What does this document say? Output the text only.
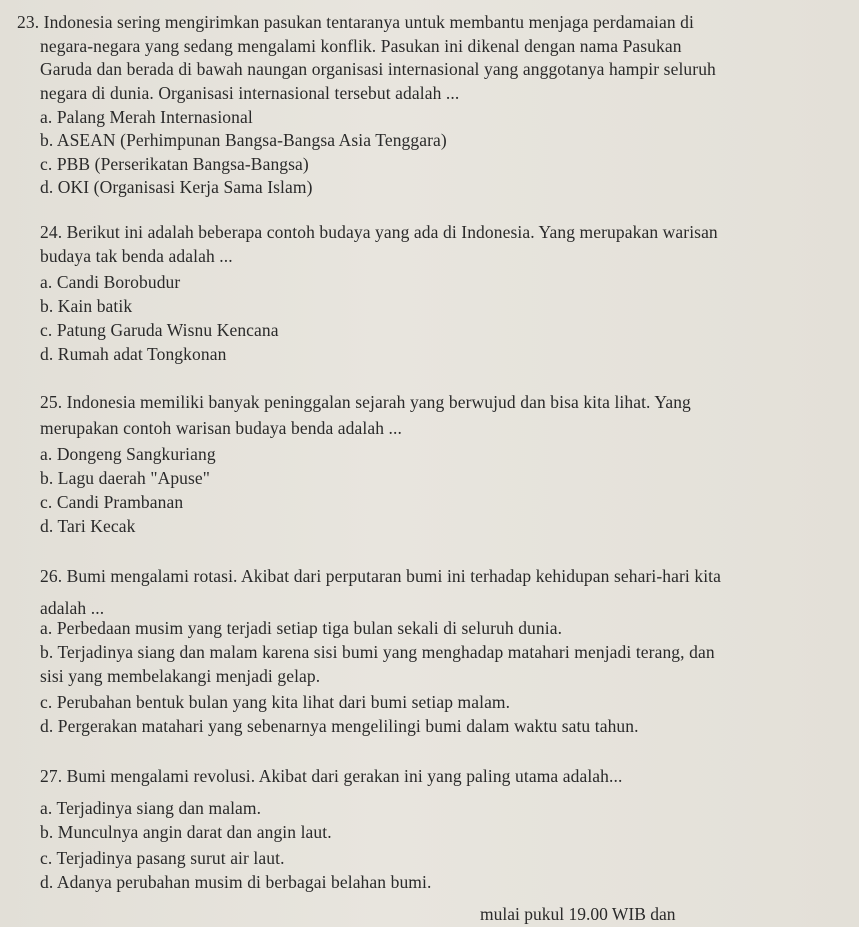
23. Indonesia sering mengirimkan pasukan tentaranya untuk membantu menjaga perdamaian di
negara-negara yang sedang mengalami konflik. Pasukan ini dikenal dengan nama Pasukan
Garuda dan berada di bawah naungan organisasi internasional yang anggotanya hampir seluruh
negara di dunia. Organisasi internasional tersebut adalah ...
a. Palang Merah Internasional
b. ASEAN (Perhimpunan Bangsa-Bangsa Asia Tenggara)
c. PBB (Perserikatan Bangsa-Bangsa)
d. OKI (Organisasi Kerja Sama Islam)
24. Berikut ini adalah beberapa contoh budaya yang ada di Indonesia. Yang merupakan warisan
budaya tak benda adalah ...
a. Candi Borobudur
b. Kain batik
c. Patung Garuda Wisnu Kencana
d. Rumah adat Tongkonan
25. Indonesia memiliki banyak peninggalan sejarah yang berwujud dan bisa kita lihat. Yang
merupakan contoh warisan budaya benda adalah ...
a. Dongeng Sangkuriang
b. Lagu daerah "Apuse"
c. Candi Prambanan
d. Tari Kecak
26. Bumi mengalami rotasi. Akibat dari perputaran bumi ini terhadap kehidupan sehari-hari kita
adalah ...
a. Perbedaan musim yang terjadi setiap tiga bulan sekali di seluruh dunia.
b. Terjadinya siang dan malam karena sisi bumi yang menghadap matahari menjadi terang, dan
sisi yang membelakangi menjadi gelap.
c. Perubahan bentuk bulan yang kita lihat dari bumi setiap malam.
d. Pergerakan matahari yang sebenarnya mengelilingi bumi dalam waktu satu tahun.
27. Bumi mengalami revolusi. Akibat dari gerakan ini yang paling utama adalah...
a. Terjadinya siang dan malam.
b. Munculnya angin darat dan angin laut.
c. Terjadinya pasang surut air laut.
d. Adanya perubahan musim di berbagai belahan bumi.
mulai pukul 19.00 WIB dan
